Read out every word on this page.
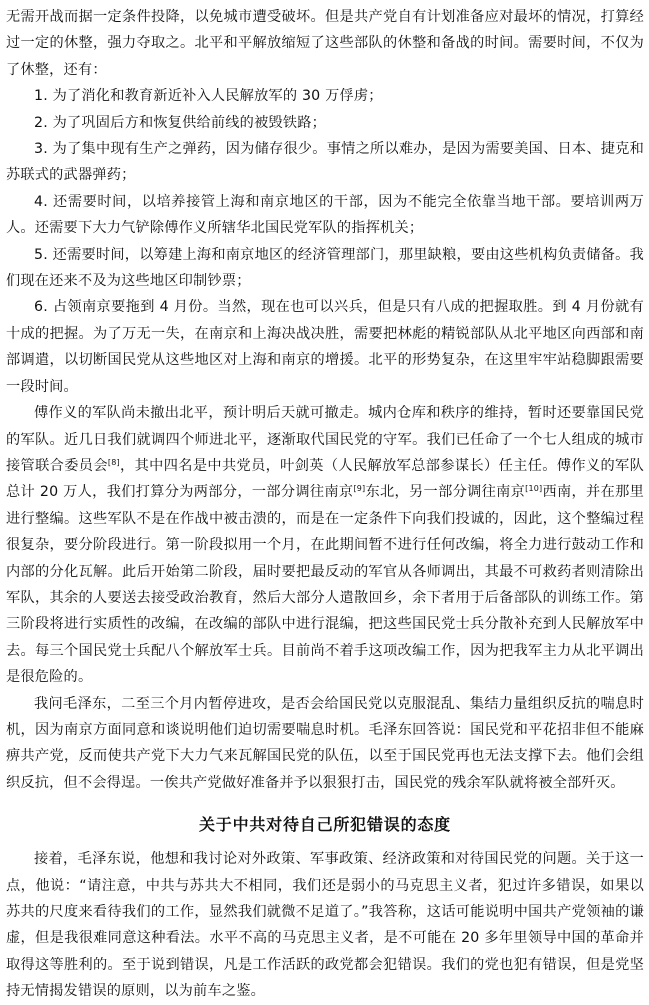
无需开战而据一定条件投降，以免城市遭受破坏。但是共产党自有计划准备应对最坏的情况，打算经过一定的休整，强力夺取之。北平和平解放缩短了这些部队的休整和备战的时间。需要时间，不仅为了休整，还有：

1. 为了消化和教育新近补入人民解放军的 30 万俘虏；

2. 为了巩固后方和恢复供给前线的被毁铁路；

3. 为了集中现有生产之弹药，因为储存很少。事情之所以难办，是因为需要美国、日本、捷克和苏联式的武器弹药；

4. 还需要时间，以培养接管上海和南京地区的干部，因为不能完全依靠当地干部。要培训两万人。还需要下大力气铲除傅作义所辖华北国民党军队的指挥机关；

5. 还需要时间，以筹建上海和南京地区的经济管理部门，那里缺粮，要由这些机构负责储备。我们现在还来不及为这些地区印制钞票；

6. 占领南京要拖到 4 月份。当然，现在也可以兴兵，但是只有八成的把握取胜。到 4 月份就有十成的把握。为了万无一失，在南京和上海决战决胜，需要把林彪的精锐部队从北平地区向西部和南部调遣，以切断国民党从这些地区对上海和南京的增援。北平的形势复杂，在这里牢牢站稳脚跟需要一段时间。

傅作义的军队尚未撤出北平，预计明后天就可撤走。城内仓库和秩序的维持，暂时还要靠国民党的军队。近几日我们就调四个师进北平，逐渐取代国民党的守军。我们已任命了一个七人组成的城市接管联合委员会[8]，其中四名是中共党员，叶剑英（人民解放军总部参谋长）任主任。傅作义的军队总计 20 万人，我们打算分为两部分，一部分调往南京[9]东北，另一部分调往南京[10]西南，并在那里进行整编。这些军队不是在作战中被击溃的，而是在一定条件下向我们投诚的，因此，这个整编过程很复杂，要分阶段进行。第一阶段拟用一个月，在此期间暂不进行任何改编，将全力进行鼓动工作和内部的分化瓦解。此后开始第二阶段，届时要把最反动的军官从各师调出，其最不可救药者则清除出军队，其余的人要送去接受政治教育，然后大部分人遣散回乡，余下者用于后备部队的训练工作。第三阶段将进行实质性的改编，在改编的部队中进行混编，把这些国民党士兵分散补充到人民解放军中去。每三个国民党士兵配八个解放军士兵。目前尚不着手这项改编工作，因为把我军主力从北平调出是很危险的。

我问毛泽东，二至三个月内暂停进攻，是否会给国民党以克服混乱、集结力量组织反抗的喘息时机，因为南京方面同意和谈说明他们迫切需要喘息时机。毛泽东回答说：国民党和平花招非但不能麻痹共产党，反而使共产党下大力气来瓦解国民党的队伍，以至于国民党再也无法支撑下去。他们会组织反抗，但不会得逞。一俟共产党做好准备并予以狠狠打击，国民党的残余军队就将被全部歼灭。

关于中共对待自己所犯错误的态度

接着，毛泽东说，他想和我讨论对外政策、军事政策、经济政策和对待国民党的问题。关于这一点，他说：“请注意，中共与苏共大不相同，我们还是弱小的马克思主义者，犯过许多错误，如果以苏共的尺度来看待我们的工作，显然我们就微不足道了。”我答称，这话可能说明中国共产党领袖的谦虚，但是我很难同意这种看法。水平不高的马克思主义者，是不可能在 20 多年里领导中国的革命并取得这等胜利的。至于说到错误，凡是工作活跃的政党都会犯错误。我们的党也犯有错误，但是党坚持无情揭发错误的原则，以为前车之鉴。
